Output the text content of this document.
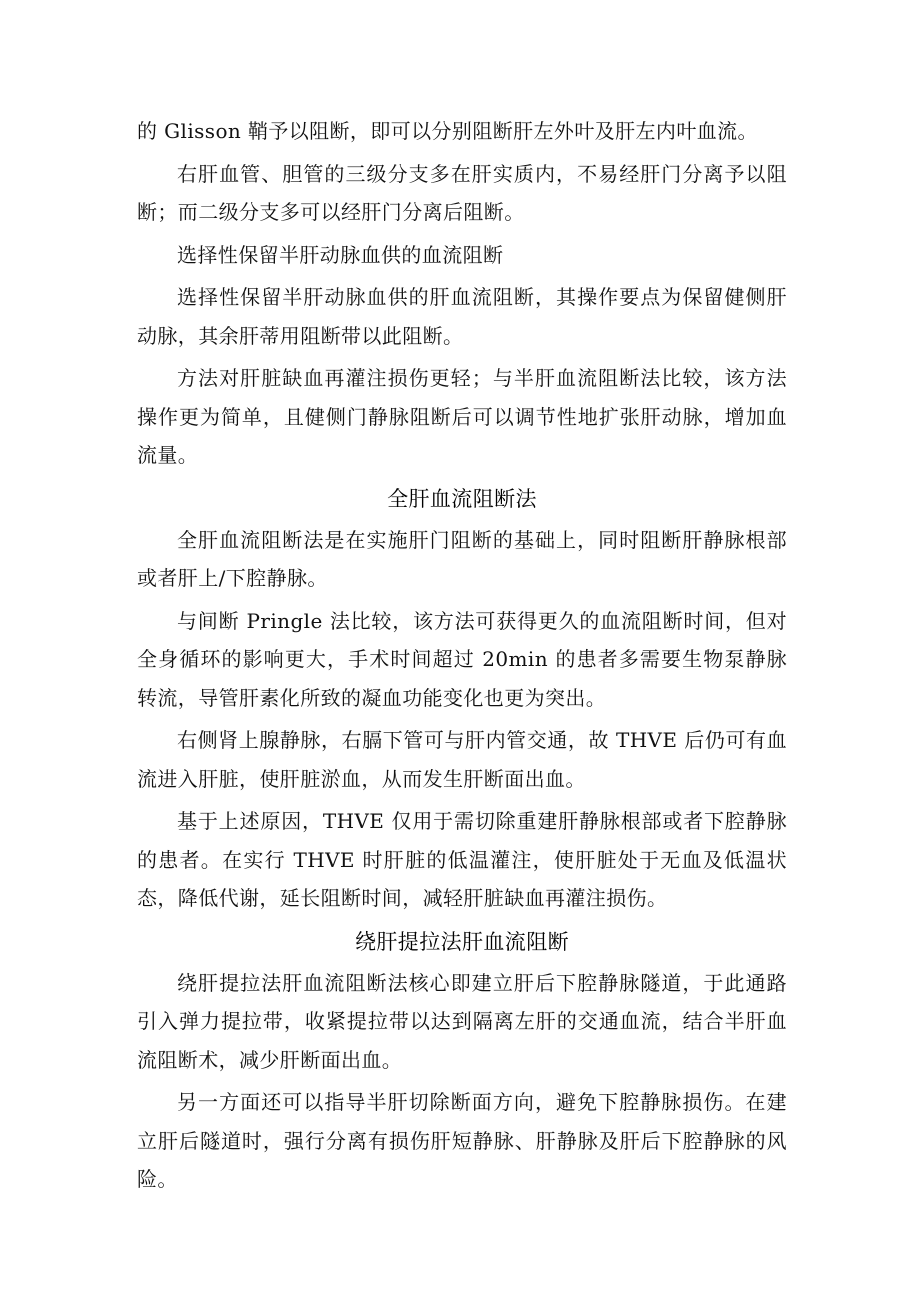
的 Glisson 鞘予以阻断，即可以分别阻断肝左外叶及肝左内叶血流。

右肝血管、胆管的三级分支多在肝实质内，不易经肝门分离予以阻断；而二级分支多可以经肝门分离后阻断。

选择性保留半肝动脉血供的血流阻断

选择性保留半肝动脉血供的肝血流阻断，其操作要点为保留健侧肝动脉，其余肝蒂用阻断带以此阻断。

方法对肝脏缺血再灌注损伤更轻；与半肝血流阻断法比较，该方法操作更为简单，且健侧门静脉阻断后可以调节性地扩张肝动脉，增加血流量。

全肝血流阻断法

全肝血流阻断法是在实施肝门阻断的基础上，同时阻断肝静脉根部或者肝上/下腔静脉。

与间断 Pringle 法比较，该方法可获得更久的血流阻断时间，但对全身循环的影响更大，手术时间超过 20min 的患者多需要生物泵静脉转流，导管肝素化所致的凝血功能变化也更为突出。

右侧肾上腺静脉，右膈下管可与肝内管交通，故 THVE 后仍可有血流进入肝脏，使肝脏淤血，从而发生肝断面出血。

基于上述原因，THVE 仅用于需切除重建肝静脉根部或者下腔静脉的患者。在实行 THVE 时肝脏的低温灌注，使肝脏处于无血及低温状态，降低代谢，延长阻断时间，减轻肝脏缺血再灌注损伤。

绕肝提拉法肝血流阻断

绕肝提拉法肝血流阻断法核心即建立肝后下腔静脉隧道，于此通路引入弹力提拉带，收紧提拉带以达到隔离左肝的交通血流，结合半肝血流阻断术，减少肝断面出血。

另一方面还可以指导半肝切除断面方向，避免下腔静脉损伤。在建立肝后隧道时，强行分离有损伤肝短静脉、肝静脉及肝后下腔静脉的风险。
